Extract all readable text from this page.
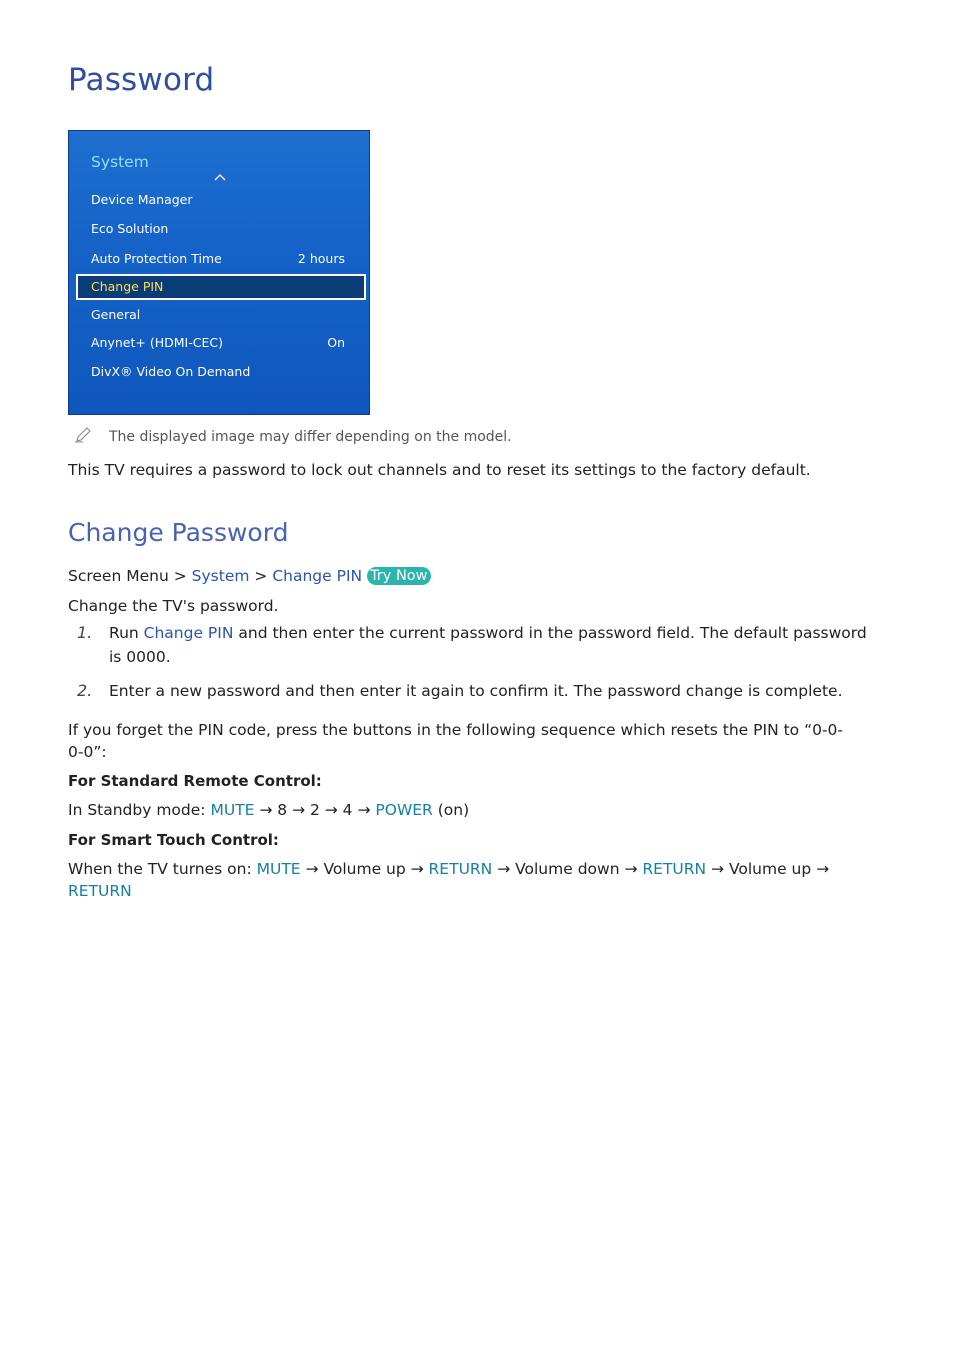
Password
System
Device Manager
Eco Solution
Auto Protection Time	2 hours
Change PIN
General
Anynet+ (HDMI-CEC)	On
DivX® Video On Demand
The displayed image may differ depending on the model.

This TV requires a password to lock out channels and to reset its settings to the factory default.

Change Password

Screen Menu > System > Change PIN Try Now

Change the TV's password.

1. Run Change PIN and then enter the current password in the password field. The default password
is 0000.
2. Enter a new password and then enter it again to confirm it. The password change is complete.

If you forget the PIN code, press the buttons in the following sequence which resets the PIN to “0-0-

0-0”:

For Standard Remote Control:

In Standby mode: MUTE → 8 → 2 → 4 → POWER (on)

For Smart Touch Control:

When the TV turnes on: MUTE → Volume up → RETURN → Volume down → RETURN → Volume up →

RETURN
